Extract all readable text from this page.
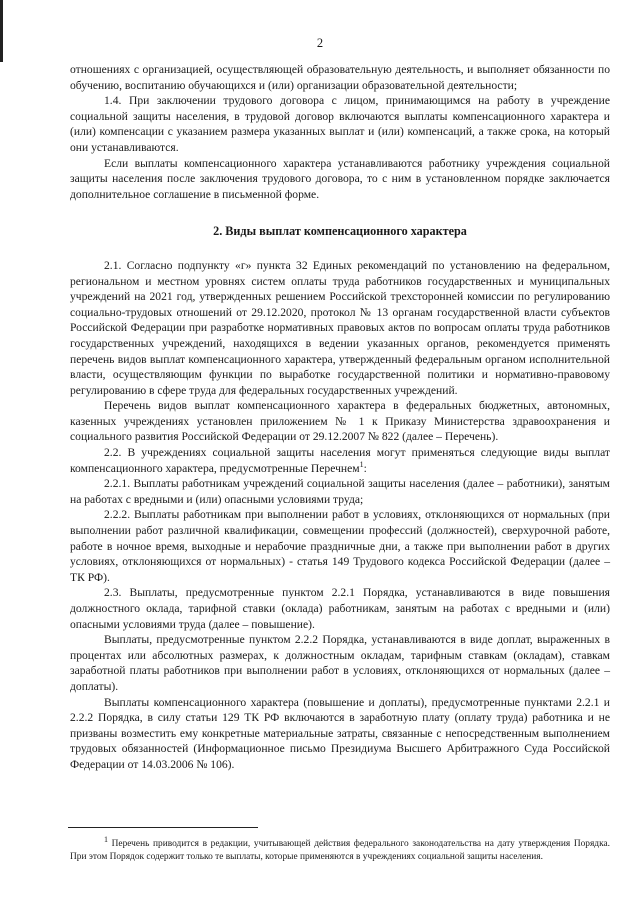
2

отношениях с организацией, осуществляющей образовательную деятельность, и выполняет обязанности по обучению, воспитанию обучающихся и (или) организации образовательной деятельности;

1.4. При заключении трудового договора с лицом, принимающимся на работу в учреждение социальной защиты населения, в трудовой договор включаются выплаты компенсационного характера и (или) компенсации с указанием размера указанных выплат и (или) компенсаций, а также срока, на который они устанавливаются.

Если выплаты компенсационного характера устанавливаются работнику учреждения социальной защиты населения после заключения трудового договора, то с ним в установленном порядке заключается дополнительное соглашение в письменной форме.

2. Виды выплат компенсационного характера

2.1. Согласно подпункту «г» пункта 32 Единых рекомендаций по установлению на федеральном, региональном и местном уровнях систем оплаты труда работников государственных и муниципальных учреждений на 2021 год, утвержденных решением Российской трехсторонней комиссии по регулированию социально-трудовых отношений от 29.12.2020, протокол № 13 органам государственной власти субъектов Российской Федерации при разработке нормативных правовых актов по вопросам оплаты труда работников государственных учреждений, находящихся в ведении указанных органов, рекомендуется применять перечень видов выплат компенсационного характера, утвержденный федеральным органом исполнительной власти, осуществляющим функции по выработке государственной политики и нормативно-правовому регулированию в сфере труда для федеральных государственных учреждений.

Перечень видов выплат компенсационного характера в федеральных бюджетных, автономных, казенных учреждениях установлен приложением № 1 к Приказу Министерства здравоохранения и социального развития Российской Федерации от 29.12.2007 № 822 (далее – Перечень).

2.2. В учреждениях социальной защиты населения могут применяться следующие виды выплат компенсационного характера, предусмотренные Перечнем$^1$:

2.2.1. Выплаты работникам учреждений социальной защиты населения (далее – работники), занятым на работах с вредными и (или) опасными условиями труда;

2.2.2. Выплаты работникам при выполнении работ в условиях, отклоняющихся от нормальных (при выполнении работ различной квалификации, совмещении профессий (должностей), сверхурочной работе, работе в ночное время, выходные и нерабочие праздничные дни, а также при выполнении работ в других условиях, отклоняющихся от нормальных) - статья 149 Трудового кодекса Российской Федерации (далее – ТК РФ).

2.3. Выплаты, предусмотренные пунктом 2.2.1 Порядка, устанавливаются в виде повышения должностного оклада, тарифной ставки (оклада) работникам, занятым на работах с вредными и (или) опасными условиями труда (далее – повышение).

Выплаты, предусмотренные пунктом 2.2.2 Порядка, устанавливаются в виде доплат, выраженных в процентах или абсолютных размерах, к должностным окладам, тарифным ставкам (окладам), ставкам заработной платы работников при выполнении работ в условиях, отклоняющихся от нормальных (далее – доплаты).

Выплаты компенсационного характера (повышение и доплаты), предусмотренные пунктами 2.2.1 и 2.2.2 Порядка, в силу статьи 129 ТК РФ включаются в заработную плату (оплату труда) работника и не призваны возместить ему конкретные материальные затраты, связанные с непосредственным выполнением трудовых обязанностей (Информационное письмо Президиума Высшего Арбитражного Суда Российской Федерации от 14.03.2006 № 106).

$^1$ Перечень приводится в редакции, учитывающей действия федерального законодательства на дату утверждения Порядка. При этом Порядок содержит только те выплаты, которые применяются в учреждениях социальной защиты населения.
